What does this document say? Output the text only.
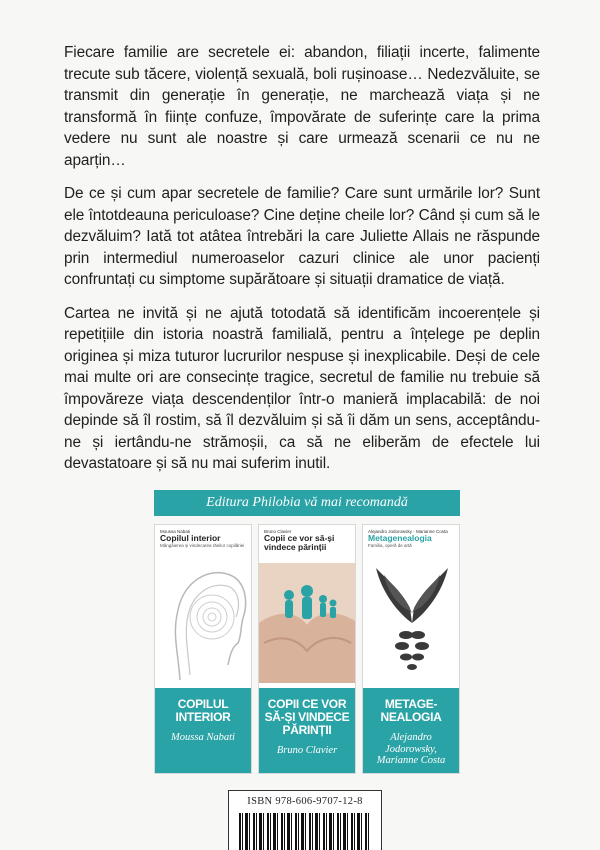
Fiecare familie are secretele ei: abandon, filiații incerte, falimente trecute sub tăcere, violență sexuală, boli rușinoase… Nedezvăluite, se transmit din generație în generație, ne marchează viața și ne transformă în ființe confuze, împovărate de suferințe care la prima vedere nu sunt ale noastre și care urmează scenarii ce nu ne aparțin…

De ce și cum apar secretele de familie? Care sunt urmările lor? Sunt ele întotdeauna periculoase? Cine deține cheile lor? Când și cum să le dezvăluim? Iată tot atâtea întrebări la care Juliette Allais ne răspunde prin intermediul numeroaselor cazuri clinice ale unor pacienți confruntați cu simptome supărătoare și situații dramatice de viață.

Cartea ne invită și ne ajută totodată să identificăm incoerențele și repetițiile din istoria noastră familială, pentru a înțelege pe deplin originea și miza tuturor lucrurilor nespuse și inexplicabile. Deși de cele mai multe ori are consecințe tragice, secretul de familie nu trebuie să împovăreze viața descendenților într-o manieră implacabilă: de noi depinde să îl rostim, să îl dezvăluim și să îi dăm un sens, acceptându-ne și iertându-ne strămoșii, ca să ne eliberăm de efectele lui devastatoare și să nu mai suferim inutil.

Editura Philobia vă mai recomandă
Moussa Nabati
Copilul interior
Mângâierea și vindecarea rănilor copilăriei
COPILUL INTERIOR
Moussa Nabati
Bruno Clavier
Copii ce vor să-și vindece părinții
COPII CE VOR SĂ-ȘI VINDECE PĂRINȚII
Bruno Clavier
Alejandro Jodorowsky · Marianne Costa
Metagenealogia
Familia, operă de artă
METAGE-NEALOGIA
Alejandro Jodorowsky, Marianne Costa
ISBN 978-606-9707-12-8
